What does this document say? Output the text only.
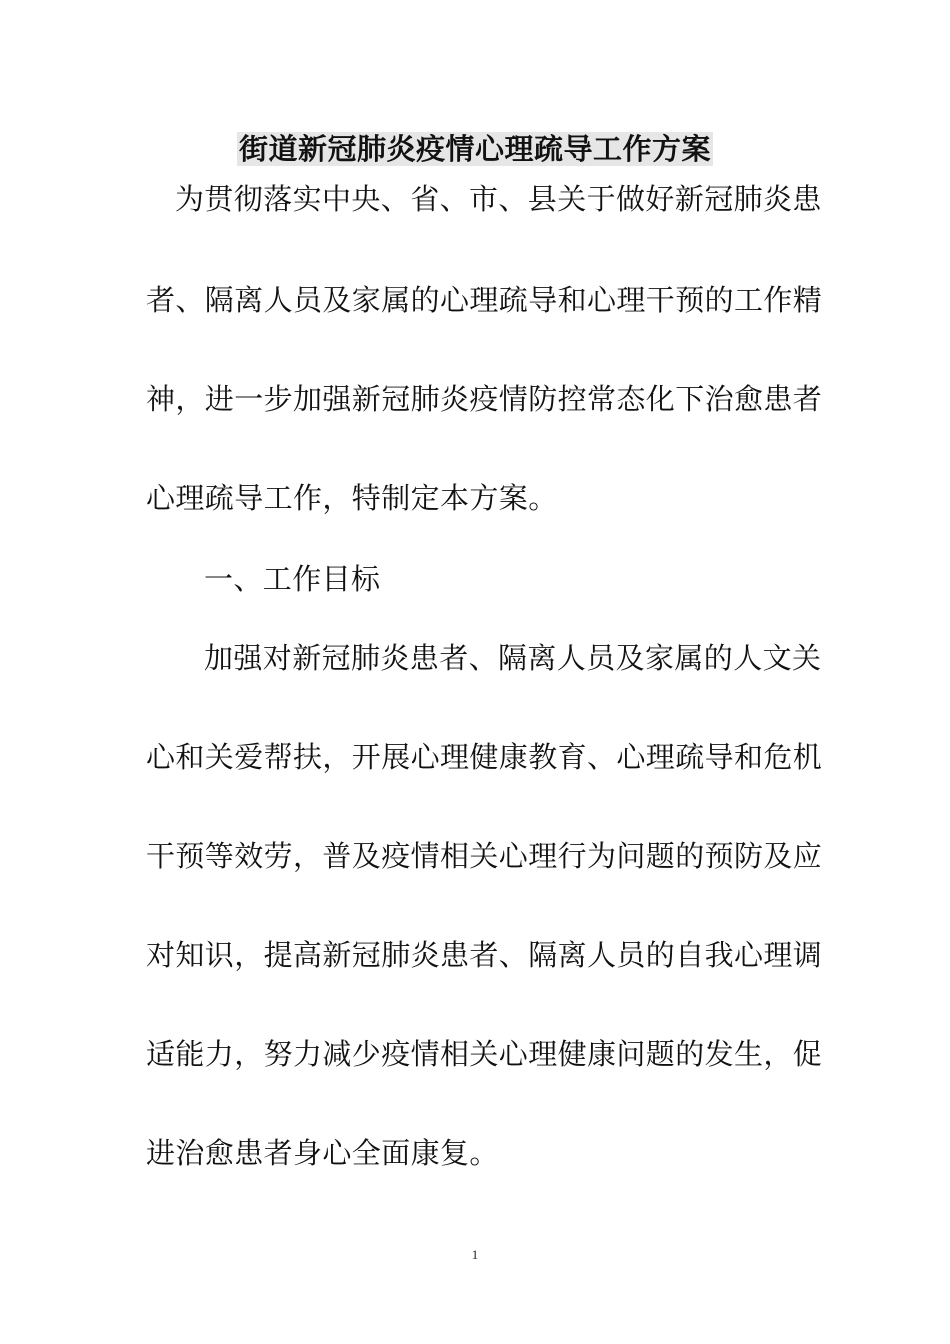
街道新冠肺炎疫情心理疏导工作方案
为贯彻落实中央、省、市、县关于做好新冠肺炎患
者、隔离人员及家属的心理疏导和心理干预的工作精
神，进一步加强新冠肺炎疫情防控常态化下治愈患者
心理疏导工作，特制定本方案。
一、工作目标
加强对新冠肺炎患者、隔离人员及家属的人文关
心和关爱帮扶，开展心理健康教育、心理疏导和危机
干预等效劳，普及疫情相关心理行为问题的预防及应
对知识，提高新冠肺炎患者、隔离人员的自我心理调
适能力，努力减少疫情相关心理健康问题的发生，促
进治愈患者身心全面康复。
1
